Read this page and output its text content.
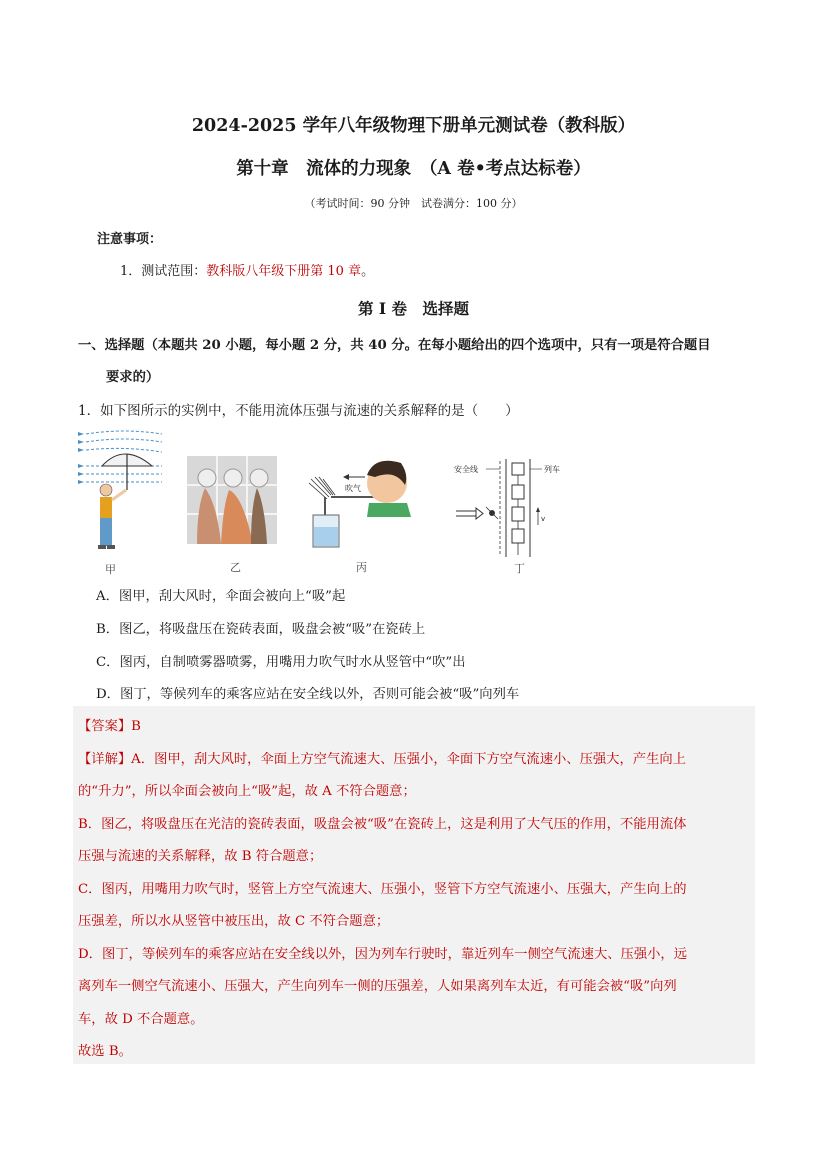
2024-2025 学年八年级物理下册单元测试卷（教科版）
第十章　流体的力现象　（A 卷•考点达标卷）
（考试时间：90 分钟　试卷满分：100 分）
注意事项：
1．测试范围：教科版八年级下册第 10 章。
第 I 卷　选择题
一、选择题（本题共 20 小题，每小题 2 分，共 40 分。在每小题给出的四个选项中，只有一项是符合题目
要求的）
1．如下图所示的实例中，不能用流体压强与流速的关系解释的是（　　）
甲	乙
吹气
丙
安全线	列车
v
丁
A．图甲，刮大风时，伞面会被向上“吸”起
B．图乙，将吸盘压在瓷砖表面，吸盘会被“吸”在瓷砖上
C．图丙，自制喷雾器喷雾，用嘴用力吹气时水从竖管中“吹”出
D．图丁，等候列车的乘客应站在安全线以外，否则可能会被“吸”向列车
【答案】B
【详解】A．图甲，刮大风时，伞面上方空气流速大、压强小，伞面下方空气流速小、压强大，产生向上
的“升力”，所以伞面会被向上“吸”起，故 A 不符合题意；
B．图乙，将吸盘压在光洁的瓷砖表面，吸盘会被“吸”在瓷砖上，这是利用了大气压的作用，不能用流体
压强与流速的关系解释，故 B 符合题意；
C．图丙，用嘴用力吹气时，竖管上方空气流速大、压强小，竖管下方空气流速小、压强大，产生向上的
压强差，所以水从竖管中被压出，故 C 不符合题意；
D．图丁，等候列车的乘客应站在安全线以外，因为列车行驶时，靠近列车一侧空气流速大、压强小，远
离列车一侧空气流速小、压强大，产生向列车一侧的压强差，人如果离列车太近，有可能会被“吸”向列
车，故 D 不合题意。
故选 B。
